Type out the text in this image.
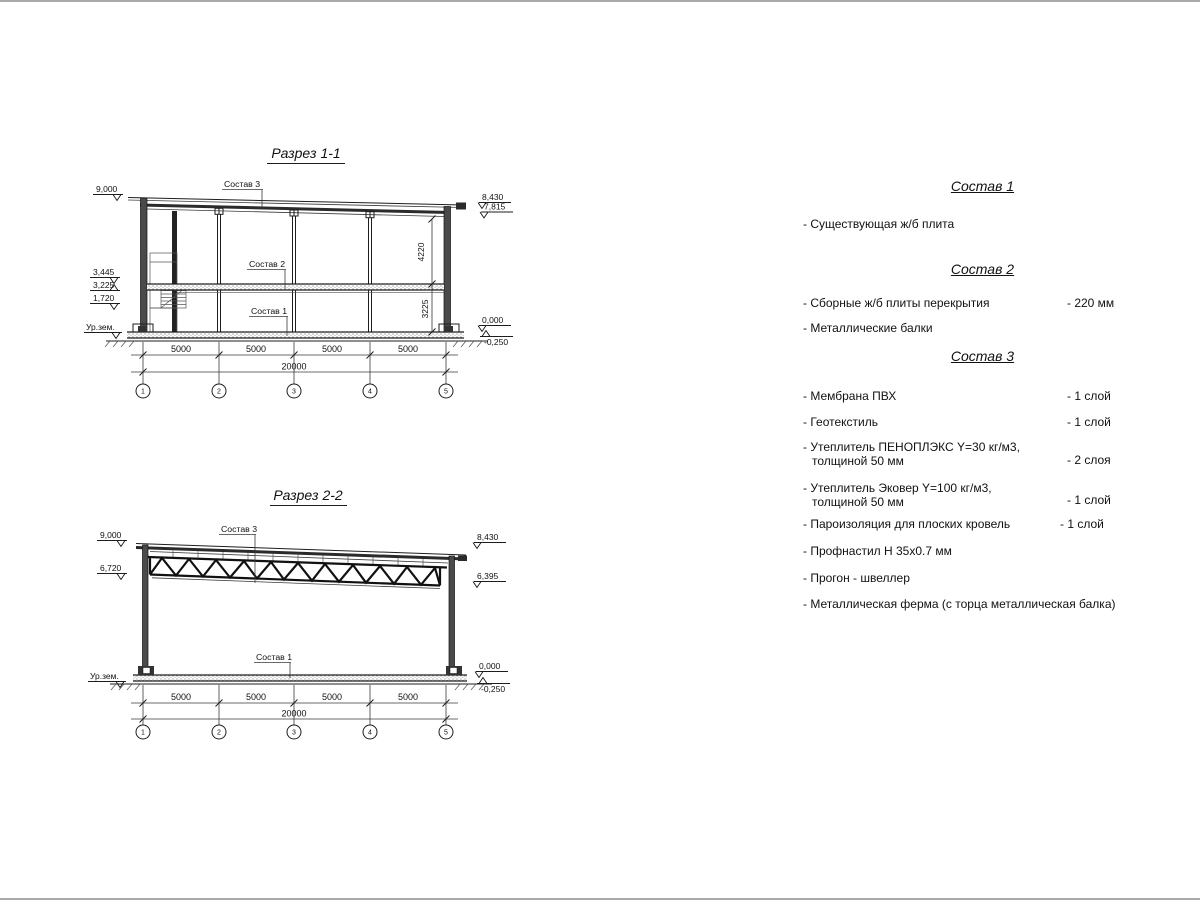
Разрез 1-1
Состав 3
Состав 2
Состав 1
9,000
3,445
3,225
1,720
Ур.зем.
8,430
7,815
0,000
-0,250
4220
3225
5000	5000	5000	5000
20000
1	2	3	4	5
Разрез 2-2
Состав 3
Состав 1
9,000
6,720
Ур.зем.
8,430
6,395
0,000
-0,250
5000	5000	5000	5000
20000
1	2	3	4	5
Состав 1
- Существующая ж/б плита
Состав 2
- Сборные ж/б плиты перекрытия	- 220 мм
- Металлические балки
Состав 3
- Мембрана ПВХ	- 1 слой
- Геотекстиль	- 1 слой
- Утеплитель ПЕНОПЛЭКС Y=30 кг/м3,
толщиной 50 мм	- 2 слоя
- Утеплитель Эковер Y=100 кг/м3,
толщиной 50 мм	- 1 слой
- Пароизоляция для плоских кровель	- 1 слой
- Профнастил Н 35х0.7 мм
- Прогон - швеллер
- Металлическая ферма (с торца металлическая балка)
